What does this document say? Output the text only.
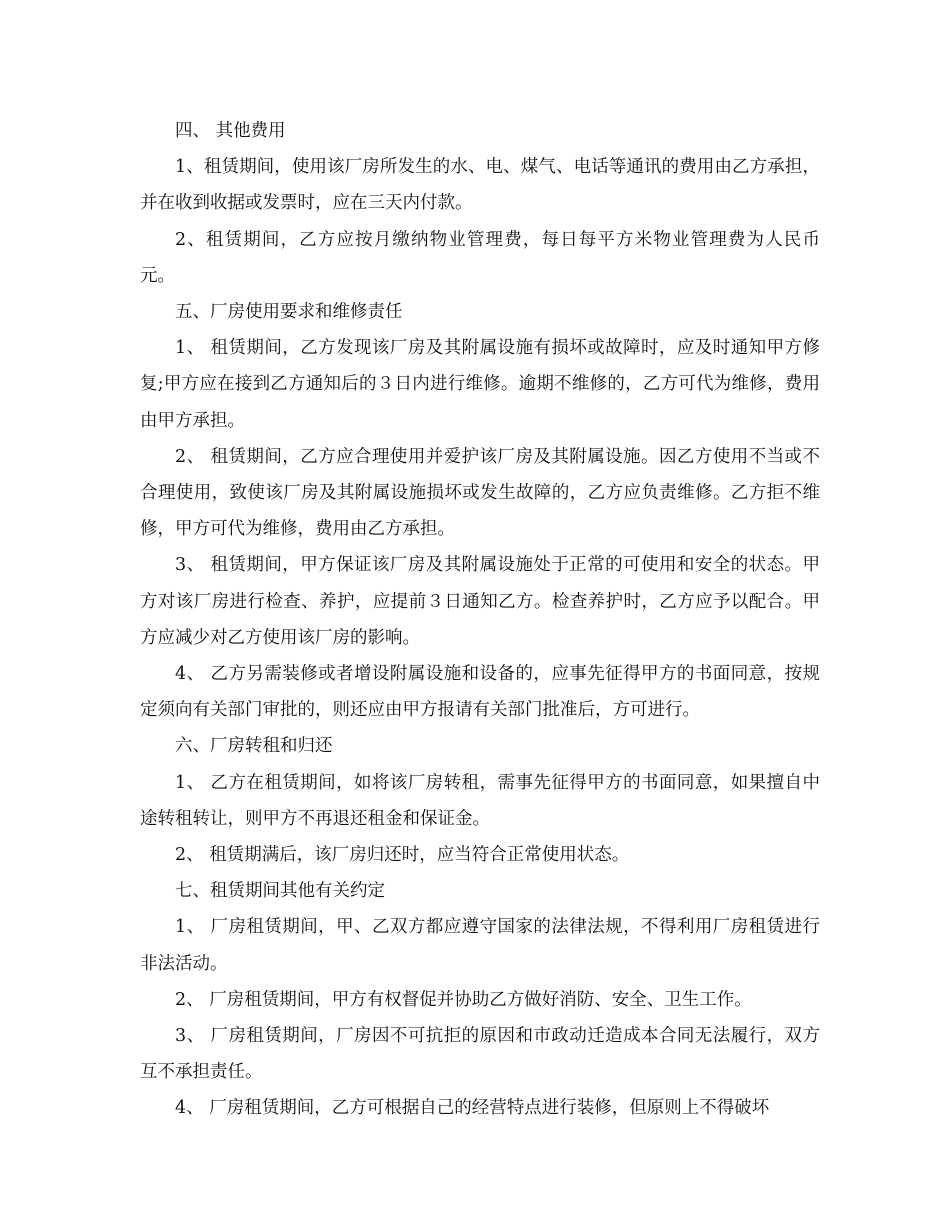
四、 其他费用

1、租赁期间，使用该厂房所发生的水、电、煤气、电话等通讯的费用由乙方承担，并在收到收据或发票时，应在三天内付款。

2、租赁期间，乙方应按月缴纳物业管理费，每日每平方米物业管理费为人民币 元。

五、厂房使用要求和维修责任

1、 租赁期间，乙方发现该厂房及其附属设施有损坏或故障时，应及时通知甲方修复;甲方应在接到乙方通知后的３日内进行维修。逾期不维修的，乙方可代为维修，费用由甲方承担。

2、 租赁期间，乙方应合理使用并爱护该厂房及其附属设施。因乙方使用不当或不合理使用，致使该厂房及其附属设施损坏或发生故障的，乙方应负责维修。乙方拒不维修，甲方可代为维修，费用由乙方承担。

3、 租赁期间，甲方保证该厂房及其附属设施处于正常的可使用和安全的状态。甲方对该厂房进行检查、养护，应提前３日通知乙方。检查养护时，乙方应予以配合。甲方应减少对乙方使用该厂房的影响。

4、 乙方另需装修或者增设附属设施和设备的，应事先征得甲方的书面同意，按规定须向有关部门审批的，则还应由甲方报请有关部门批准后，方可进行。

六、厂房转租和归还

1、 乙方在租赁期间，如将该厂房转租，需事先征得甲方的书面同意，如果擅自中途转租转让，则甲方不再退还租金和保证金。

2、 租赁期满后，该厂房归还时，应当符合正常使用状态。

七、租赁期间其他有关约定

1、 厂房租赁期间，甲、乙双方都应遵守国家的法律法规，不得利用厂房租赁进行非法活动。

2、 厂房租赁期间，甲方有权督促并协助乙方做好消防、安全、卫生工作。

3、 厂房租赁期间，厂房因不可抗拒的原因和市政动迁造成本合同无法履行，双方互不承担责任。

4、 厂房租赁期间，乙方可根据自己的经营特点进行装修，但原则上不得破坏
